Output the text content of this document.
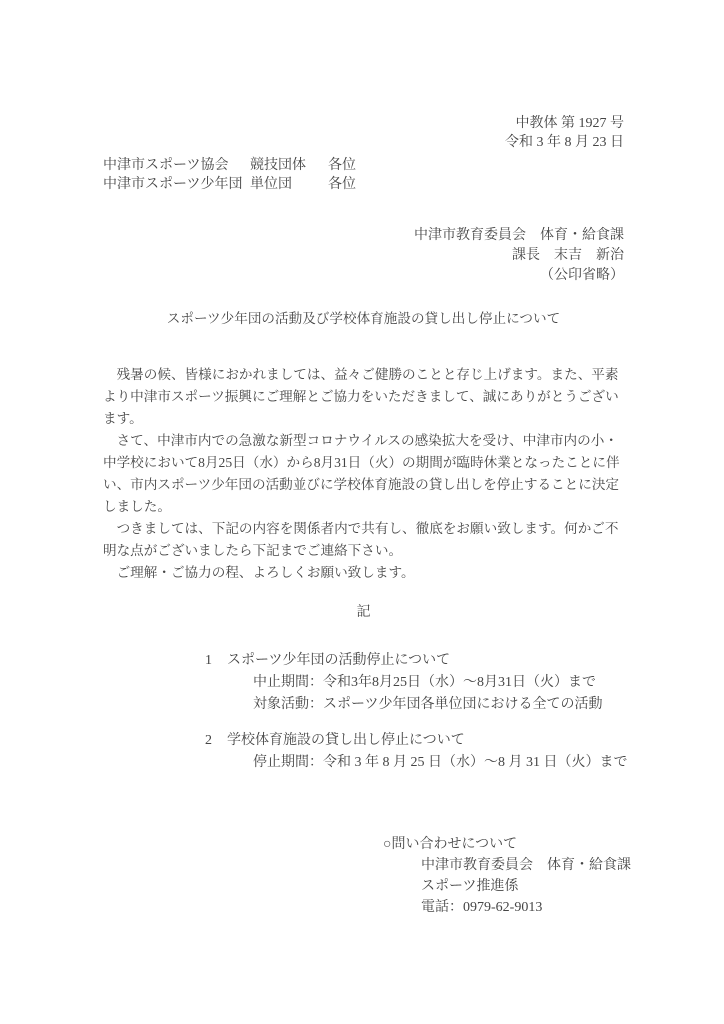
中教体 第 1927 号
令和 3 年 8 月 23 日
中津市スポーツ協会	競技団体	各位
中津市スポーツ少年団 単位団	各位
中津市教育委員会　体育・給食課
課長　末吉　新治
（公印省略）
スポーツ少年団の活動及び学校体育施設の貸し出し停止について

　残暑の候、皆様におかれましては、益々ご健勝のことと存じ上げます。また、平素
より中津市スポーツ振興にご理解とご協力をいただきまして、誠にありがとうござい
ます。

　さて、中津市内での急激な新型コロナウイルスの感染拡大を受け、中津市内の小・
中学校において8月25日（水）から8月31日（火）の期間が臨時休業となったことに伴
い、市内スポーツ少年団の活動並びに学校体育施設の貸し出しを停止することに決定
しました。

　つきましては、下記の内容を関係者内で共有し、徹底をお願い致します。何かご不
明な点がございましたら下記までご連絡下さい。

　ご理解・ご協力の程、よろしくお願い致します。

記
1 スポーツ少年団の活動停止について
中止期間：令和3年8月25日（水）～8月31日（火）まで
対象活動：スポーツ少年団各単位団における全ての活動
2 学校体育施設の貸し出し停止について
停止期間：令和 3 年 8 月 25 日（水）～8 月 31 日（火）まで
○問い合わせについて
中津市教育委員会　体育・給食課
スポーツ推進係
電話：0979-62-9013
